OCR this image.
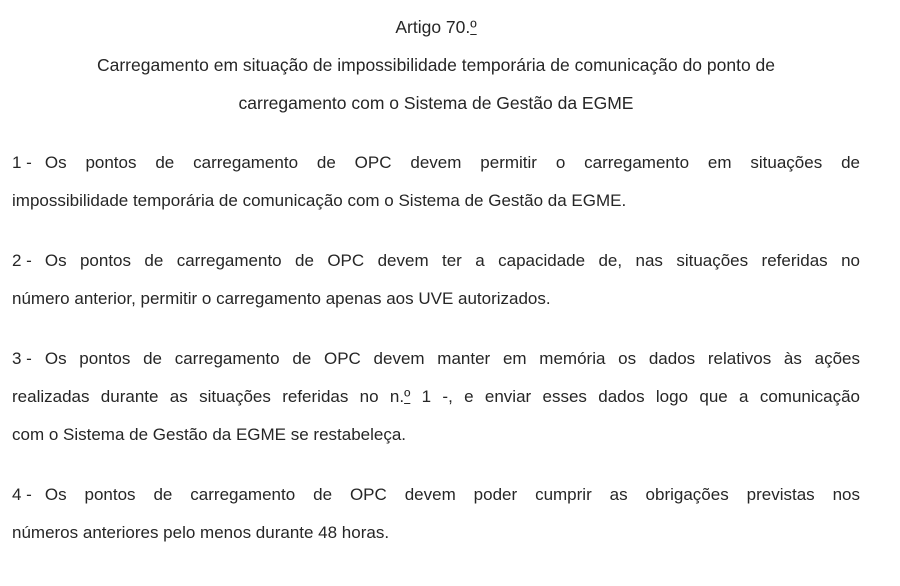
Artigo 70.º
Carregamento em situação de impossibilidade temporária de comunicação do ponto de
carregamento com o Sistema de Gestão da EGME
1 - Os pontos de carregamento de OPC devem permitir o carregamento em situações de
impossibilidade temporária de comunicação com o Sistema de Gestão da EGME.
2 - Os pontos de carregamento de OPC devem ter a capacidade de, nas situações referidas no
número anterior, permitir o carregamento apenas aos UVE autorizados.
3 - Os pontos de carregamento de OPC devem manter em memória os dados relativos às ações
realizadas durante as situações referidas no n.º 1 -, e enviar esses dados logo que a comunicação
com o Sistema de Gestão da EGME se restabeleça.
4 - Os pontos de carregamento de OPC devem poder cumprir as obrigações previstas nos
números anteriores pelo menos durante 48 horas.
